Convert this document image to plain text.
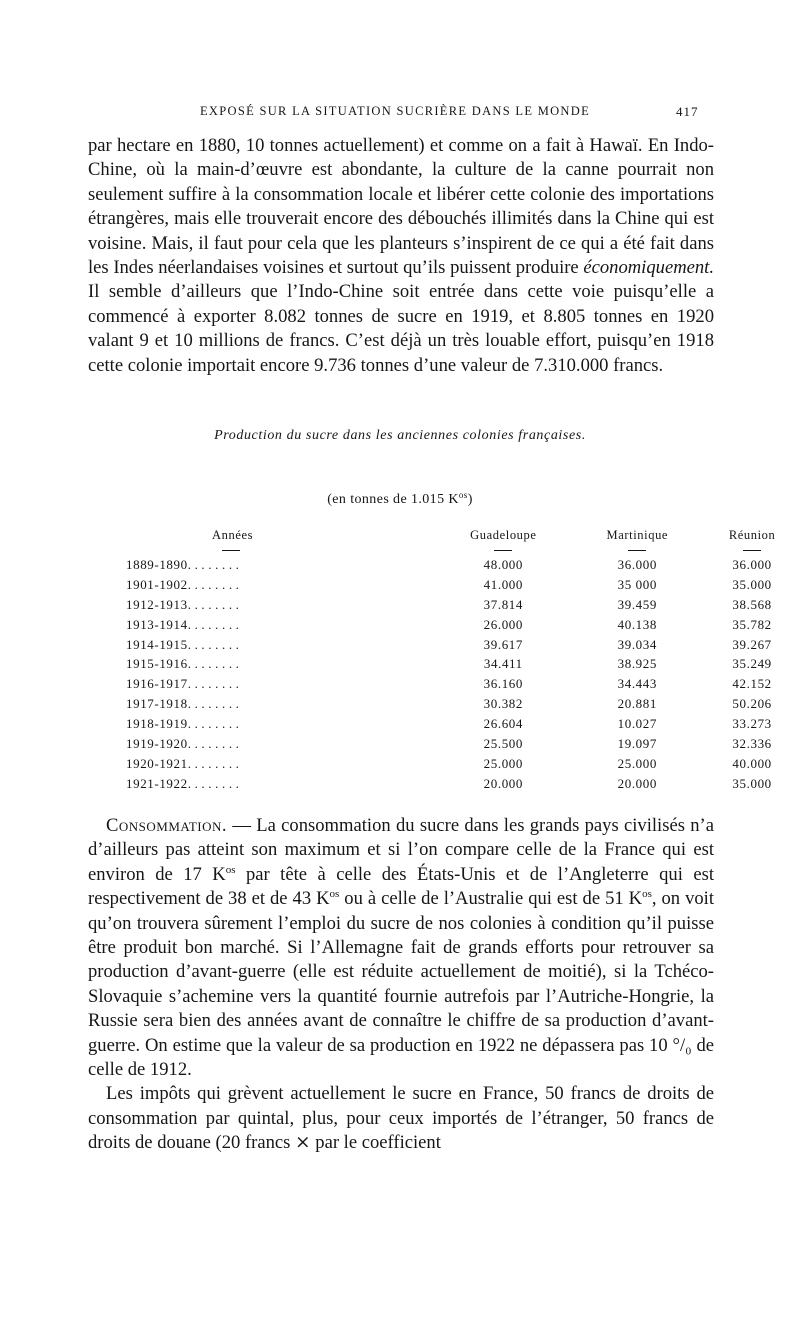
EXPOSÉ SUR LA SITUATION SUCRIÈRE DANS LE MONDE	417

par hectare en 1880, 10 tonnes actuellement) et comme on a fait à Hawaï. En Indo-Chine, où la main-d’œuvre est abondante, la culture de la canne pourrait non seulement suffire à la consommation locale et libérer cette colonie des importations étrangères, mais elle trouverait encore des débouchés illimités dans la Chine qui est voisine. Mais, il faut pour cela que les planteurs s’inspirent de ce qui a été fait dans les Indes néerlandaises voisines et surtout qu’ils puissent produire économiquement. Il semble d’ailleurs que l’Indo-Chine soit entrée dans cette voie puisqu’elle a commencé à exporter 8.082 tonnes de sucre en 1919, et 8.805 tonnes en 1920 valant 9 et 10 millions de francs. C’est déjà un très louable effort, puisqu’en 1918 cette colonie importait encore 9.736 tonnes d’une valeur de 7.310.000 francs.

Production du sucre dans les anciennes colonies françaises.
(en tonnes de 1.015 $K^{os}$)
Années	Guadeloupe	Martinique	Réunion
1889-1890........	48.000	36.000	36.000
1901-1902........	41.000	35 000	35.000
1912-1913........	37.814	39.459	38.568
1913-1914........	26.000	40.138	35.782
1914-1915........	39.617	39.034	39.267
1915-1916........	34.411	38.925	35.249
1916-1917........	36.160	34.443	42.152
1917-1918........	30.382	20.881	50.206
1918-1919........	26.604	10.027	33.273
1919-1920........	25.500	19.097	32.336
1920-1921........	25.000	25.000	40.000
1921-1922........	20.000	20.000	35.000

Consommation. — La consommation du sucre dans les grands pays civilisés n’a d’ailleurs pas atteint son maximum et si l’on compare celle de la France qui est environ de 17 $K^{os}$ par tête à celle des États-Unis et de l’Angleterre qui est respectivement de 38 et de 43 $K^{os}$ ou à celle de l’Australie qui est de 51 $K^{os}$, on voit qu’on trouvera sûrement l’emploi du sucre de nos colonies à condition qu’il puisse être produit bon marché. Si l’Allemagne fait de grands efforts pour retrouver sa production d’avant-guerre (elle est réduite actuellement de moitié), si la Tchéco-Slovaquie s’achemine vers la quantité fournie autrefois par l’Autriche-Hongrie, la Russie sera bien des années avant de connaître le chiffre de sa production d’avant-guerre. On estime que la valeur de sa production en 1922 ne dépassera pas 10 °/₀ de celle de 1912.

Les impôts qui grèvent actuellement le sucre en France, 50 francs de droits de consommation par quintal, plus, pour ceux importés de l’étranger, 50 francs de droits de douane (20 francs ⨯ par le coefficient
